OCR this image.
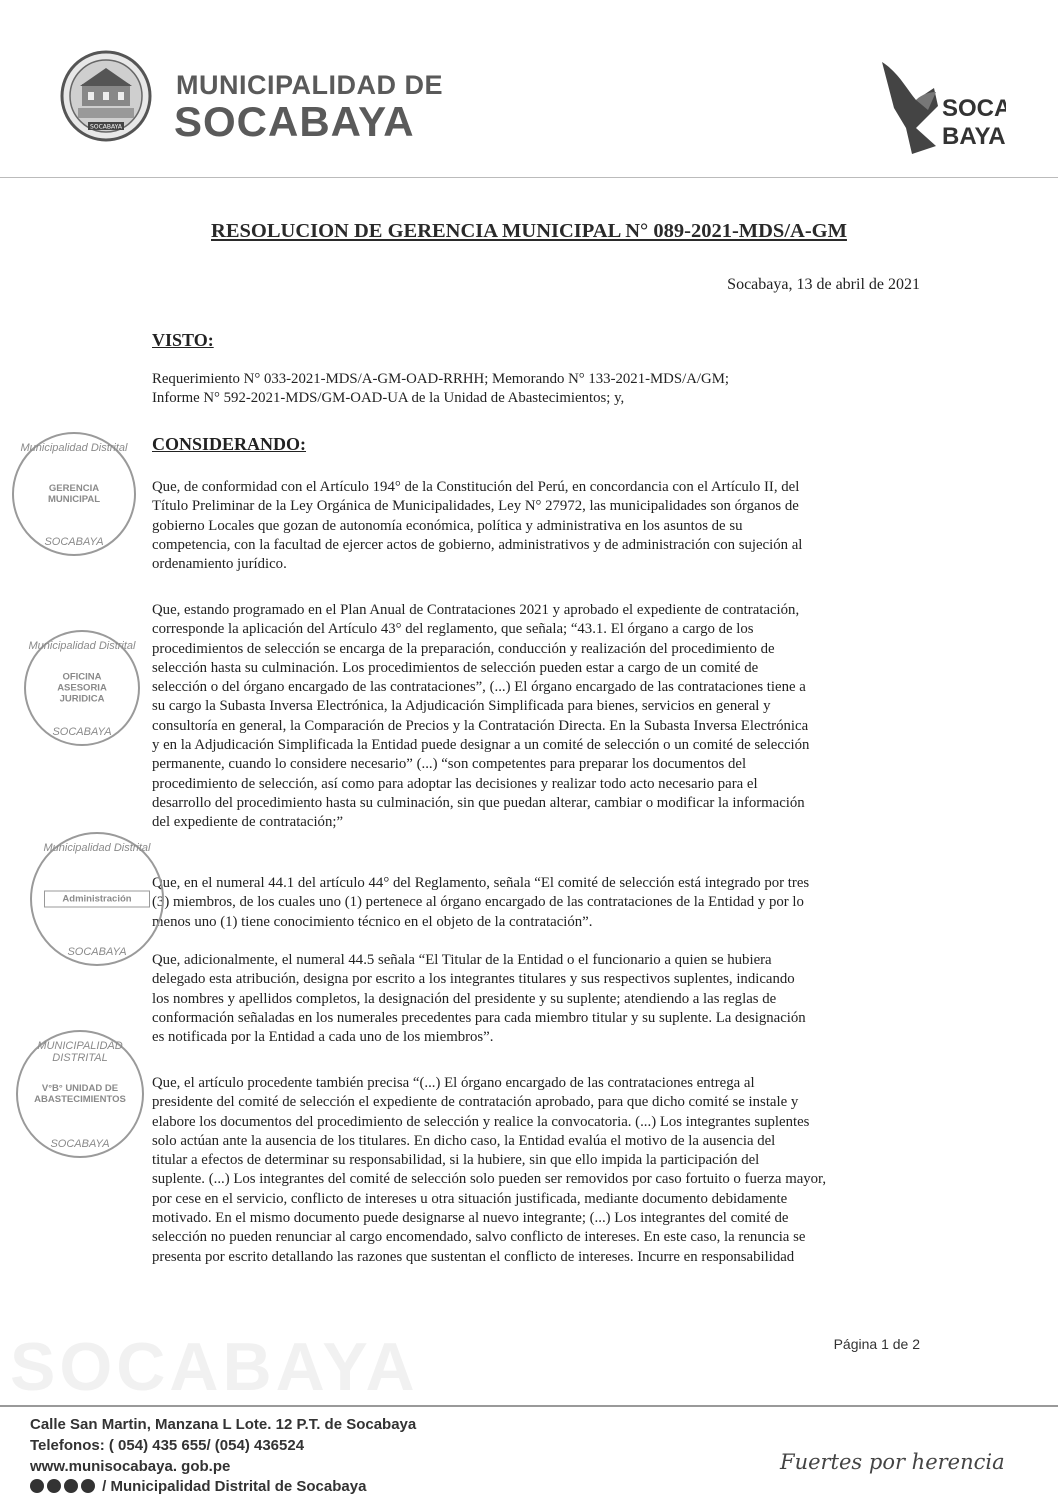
SOCABAYA
SOCABAYA
MUNICIPALIDAD DE
SOCABAYA	SOCA
BAYA
RESOLUCION DE GERENCIA MUNICIPAL N° 089-2021-MDS/A-GM
Socabaya, 13 de abril de 2021
VISTO:
Requerimiento N° 033-2021-MDS/A-GM-OAD-RRHH; Memorando N° 133-2021-MDS/A/GM;
Informe N° 592-2021-MDS/GM-OAD-UA de la Unidad de Abastecimientos; y,
CONSIDERANDO:
Que, de conformidad con el Artículo 194° de la Constitución del Perú, en concordancia con el Artículo II, del
Título Preliminar de la Ley Orgánica de Municipalidades, Ley N° 27972, las municipalidades son órganos de
gobierno Locales que gozan de autonomía económica, política y administrativa en los asuntos de su
competencia, con la facultad de ejercer actos de gobierno, administrativos y de administración con sujeción al
ordenamiento jurídico.
Que, estando programado en el Plan Anual de Contrataciones 2021 y aprobado el expediente de contratación,
corresponde la aplicación del Artículo 43° del reglamento, que señala; “43.1. El órgano a cargo de los
procedimientos de selección se encarga de la preparación, conducción y realización del procedimiento de
selección hasta su culminación. Los procedimientos de selección pueden estar a cargo de un comité de
selección o del órgano encargado de las contrataciones”, (...) El órgano encargado de las contrataciones tiene a
su cargo la Subasta Inversa Electrónica, la Adjudicación Simplificada para bienes, servicios en general y
consultoría en general, la Comparación de Precios y la Contratación Directa. En la Subasta Inversa Electrónica
y en la Adjudicación Simplificada la Entidad puede designar a un comité de selección o un comité de selección
permanente, cuando lo considere necesario” (...) “son competentes para preparar los documentos del
procedimiento de selección, así como para adoptar las decisiones y realizar todo acto necesario para el
desarrollo del procedimiento hasta su culminación, sin que puedan alterar, cambiar o modificar la información
del expediente de contratación;”
Que, en el numeral 44.1 del artículo 44° del Reglamento, señala “El comité de selección está integrado por tres
(3) miembros, de los cuales uno (1) pertenece al órgano encargado de las contrataciones de la Entidad y por lo
menos uno (1) tiene conocimiento técnico en el objeto de la contratación”.
Que, adicionalmente, el numeral 44.5 señala “El Titular de la Entidad o el funcionario a quien se hubiera
delegado esta atribución, designa por escrito a los integrantes titulares y sus respectivos suplentes, indicando
los nombres y apellidos completos, la designación del presidente y su suplente; atendiendo a las reglas de
conformación señaladas en los numerales precedentes para cada miembro titular y su suplente. La designación
es notificada por la Entidad a cada uno de los miembros”.
Que, el artículo procedente también precisa “(...) El órgano encargado de las contrataciones entrega al
presidente del comité de selección el expediente de contratación aprobado, para que dicho comité se instale y
elabore los documentos del procedimiento de selección y realice la convocatoria. (...) Los integrantes suplentes
solo actúan ante la ausencia de los titulares. En dicho caso, la Entidad evalúa el motivo de la ausencia del
titular a efectos de determinar su responsabilidad, si la hubiere, sin que ello impida la participación del
suplente. (...) Los integrantes del comité de selección solo pueden ser removidos por caso fortuito o fuerza mayor,
por cese en el servicio, conflicto de intereses u otra situación justificada, mediante documento debidamente
motivado. En el mismo documento puede designarse al nuevo integrante; (...) Los integrantes del comité de
selección no pueden renunciar al cargo encomendado, salvo conflicto de intereses. En este caso, la renuncia se
presenta por escrito detallando las razones que sustentan el conflicto de intereses. Incurre en responsabilidad
Municipalidad Distrital
GERENCIA MUNICIPAL
SOCABAYA
Municipalidad Distrital
OFICINA ASESORIA JURIDICA
SOCABAYA
Municipalidad Distrital
Administración
SOCABAYA
MUNICIPALIDAD DISTRITAL
V°B° UNIDAD DE ABASTECIMIENTOS
SOCABAYA
Página 1 de 2
Calle San Martin, Manzana L Lote. 12 P.T. de Socabaya
Telefonos: ( 054) 435 655/ (054) 436524
www.munisocabaya. gob.pe
/ Municipalidad Distrital de Socabaya
Fuertes por herencia
